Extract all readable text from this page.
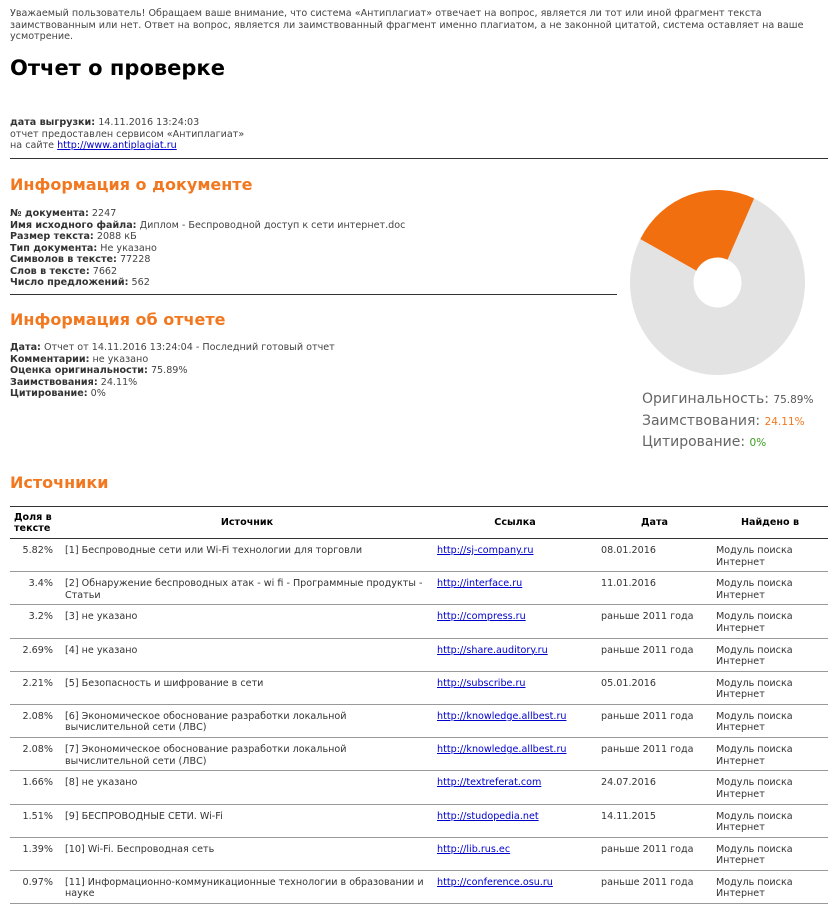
Уважаемый пользователь! Обращаем ваше внимание, что система «Антиплагиат» отвечает на вопрос, является ли тот или иной фрагмент текста заимствованным или нет. Ответ на вопрос, является ли заимствованный фрагмент именно плагиатом, а не законной цитатой, система оставляет на ваше усмотрение.
Отчет о проверке
дата выгрузки: 14.11.2016 13:24:03
отчет предоставлен сервисом «Антиплагиат»
на сайте http://www.antiplagiat.ru
Информация о документе
№ документа: 2247
Имя исходного файла: Диплом - Беспроводной доступ к сети интернет.doc
Размер текста: 2088 кБ
Тип документа: Не указано
Символов в тексте: 77228
Слов в тексте: 7662
Число предложений: 562
Информация об отчете
Дата: Отчет от 14.11.2016 13:24:04 - Последний готовый отчет
Комментарии: не указано
Оценка оригинальности: 75.89%
Заимствования: 24.11%
Цитирование: 0%	Оригинальность: 75.89%
Заимствования: 24.11%
Цитирование: 0%
Источники
Доля в тексте	Источник	Ссылка	Дата	Найдено в
5.82%	[1] Беспроводные сети или Wi-Fi технологии для торговли	http://sj-company.ru	08.01.2016	Модуль поиска Интернет
3.4%	[2] Обнаружение беспроводных атак - wi fi - Программные продукты - Статьи	http://interface.ru	11.01.2016	Модуль поиска Интернет
3.2%	[3] не указано	http://compress.ru	раньше 2011 года	Модуль поиска Интернет
2.69%	[4] не указано	http://share.auditory.ru	раньше 2011 года	Модуль поиска Интернет
2.21%	[5] Безопасность и шифрование в сети	http://subscribe.ru	05.01.2016	Модуль поиска Интернет
2.08%	[6] Экономическое обоснование разработки локальной вычислительной сети (ЛВС)	http://knowledge.allbest.ru	раньше 2011 года	Модуль поиска Интернет
2.08%	[7] Экономическое обоснование разработки локальной вычислительной сети (ЛВС)	http://knowledge.allbest.ru	раньше 2011 года	Модуль поиска Интернет
1.66%	[8] не указано	http://textreferat.com	24.07.2016	Модуль поиска Интернет
1.51%	[9] БЕСПРОВОДНЫЕ СЕТИ. Wi-Fi	http://studopedia.net	14.11.2015	Модуль поиска Интернет
1.39%	[10] Wi-Fi. Беспроводная сеть	http://lib.rus.ec	раньше 2011 года	Модуль поиска Интернет
0.97%	[11] Информационно-коммуникационные технологии в образовании и науке	http://conference.osu.ru	раньше 2011 года	Модуль поиска Интернет
